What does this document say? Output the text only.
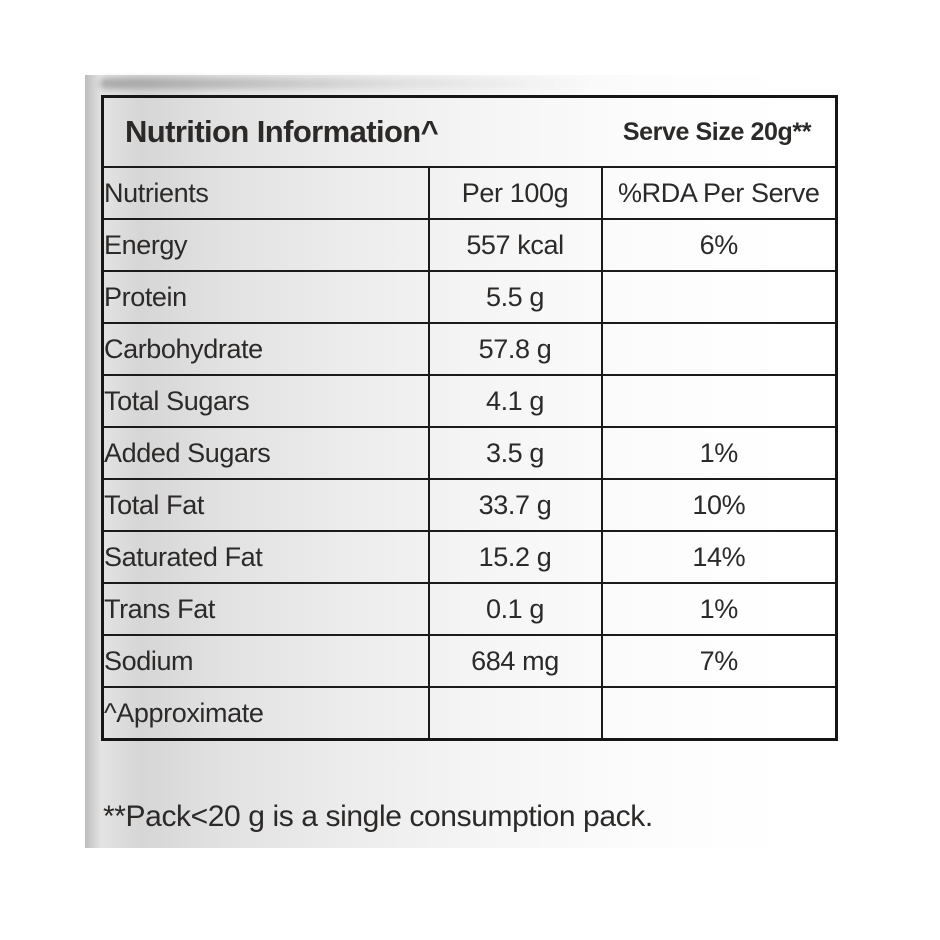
Nutrition Information^ Serve Size 20g**		

Nutrients	Per 100g	%RDA Per Serve
Energy	557 kcal	6%
Protein	5.5 g	
Carbohydrate	57.8 g	
Total Sugars	4.1 g	
Added Sugars	3.5 g	1%
Total Fat	33.7 g	10%
Saturated Fat	15.2 g	14%
Trans Fat	0.1 g	1%
Sodium	684 mg	7%
^Approximate		
**Pack<20 g is a single consumption pack.
